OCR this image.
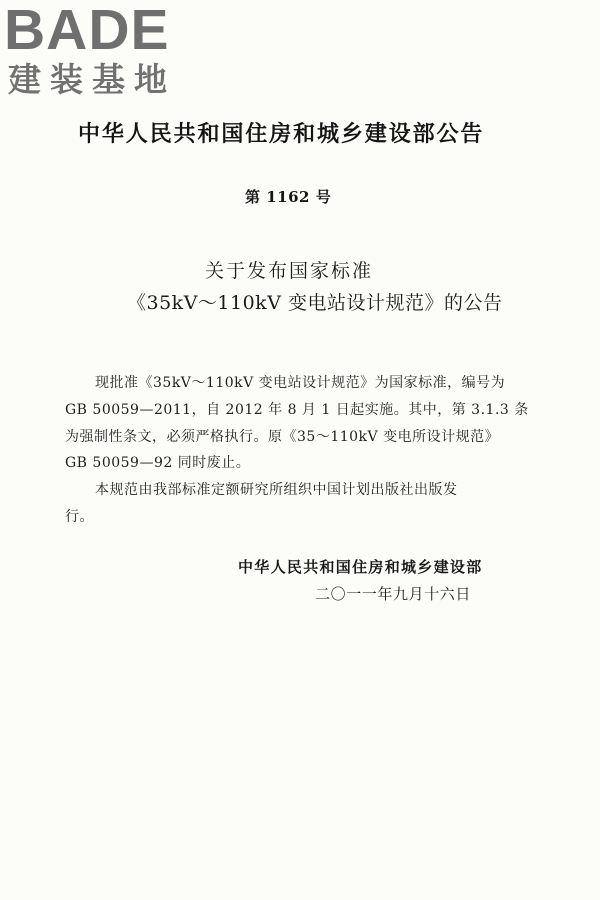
BADE
建装基地
中华人民共和国住房和城乡建设部公告
第 1162 号
关于发布国家标准
《35kV～110kV 变电站设计规范》的公告
现批准《35kV～110kV 变电站设计规范》为国家标准，编号为
GB 50059—2011，自 2012 年 8 月 1 日起实施。其中，第 3.1.3 条
为强制性条文，必须严格执行。原《35～110kV 变电所设计规范》
GB 50059—92 同时废止。
本规范由我部标准定额研究所组织中国计划出版社出版发
行。
中华人民共和国住房和城乡建设部
二〇一一年九月十六日
